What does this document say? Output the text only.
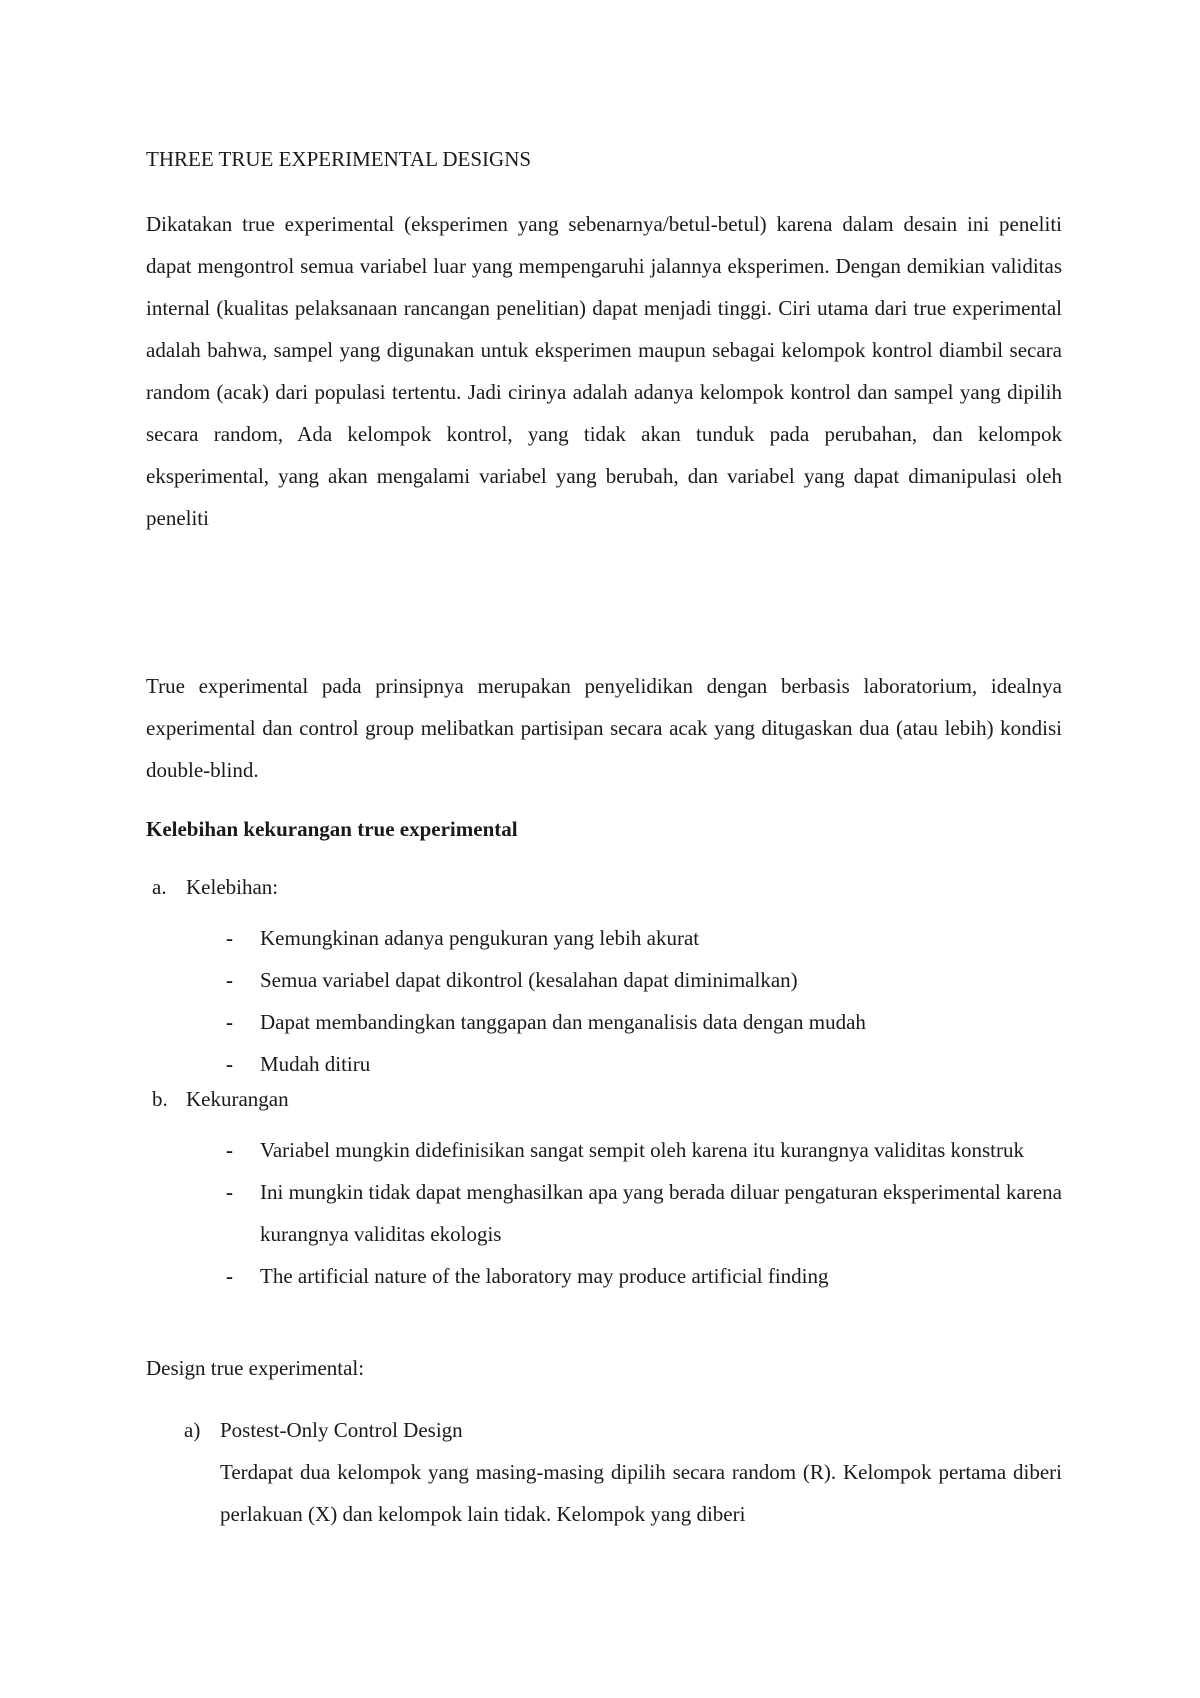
THREE TRUE EXPERIMENTAL DESIGNS

Dikatakan true experimental (eksperimen yang sebenarnya/betul-betul) karena dalam desain ini peneliti dapat mengontrol semua variabel luar yang mempengaruhi jalannya eksperimen. Dengan demikian validitas internal (kualitas pelaksanaan rancangan penelitian) dapat menjadi tinggi. Ciri utama dari true experimental adalah bahwa, sampel yang digunakan untuk eksperimen maupun sebagai kelompok kontrol diambil secara random (acak) dari populasi tertentu. Jadi cirinya adalah adanya kelompok kontrol dan sampel yang dipilih secara random, Ada kelompok kontrol, yang tidak akan tunduk pada perubahan, dan kelompok eksperimental, yang akan mengalami variabel yang berubah, dan variabel yang dapat dimanipulasi oleh peneliti

True experimental pada prinsipnya merupakan penyelidikan dengan berbasis laboratorium, idealnya experimental dan control group melibatkan partisipan secara acak yang ditugaskan dua (atau lebih) kondisi double-blind.

Kelebihan kekurangan true experimental
a. Kelebihan:
- Kemungkinan adanya pengukuran yang lebih akurat
- Semua variabel dapat dikontrol (kesalahan dapat diminimalkan)
- Dapat membandingkan tanggapan dan menganalisis data dengan mudah
- Mudah ditiru
b. Kekurangan
- Variabel mungkin didefinisikan sangat sempit oleh karena itu kurangnya validitas konstruk
- Ini mungkin tidak dapat menghasilkan apa yang berada diluar pengaturan eksperimental karena kurangnya validitas ekologis
- The artificial nature of the laboratory may produce artificial finding
Design true experimental:
a) Postest-Only Control Design

Terdapat dua kelompok yang masing-masing dipilih secara random (R). Kelompok pertama diberi perlakuan (X) dan kelompok lain tidak. Kelompok yang diberi
